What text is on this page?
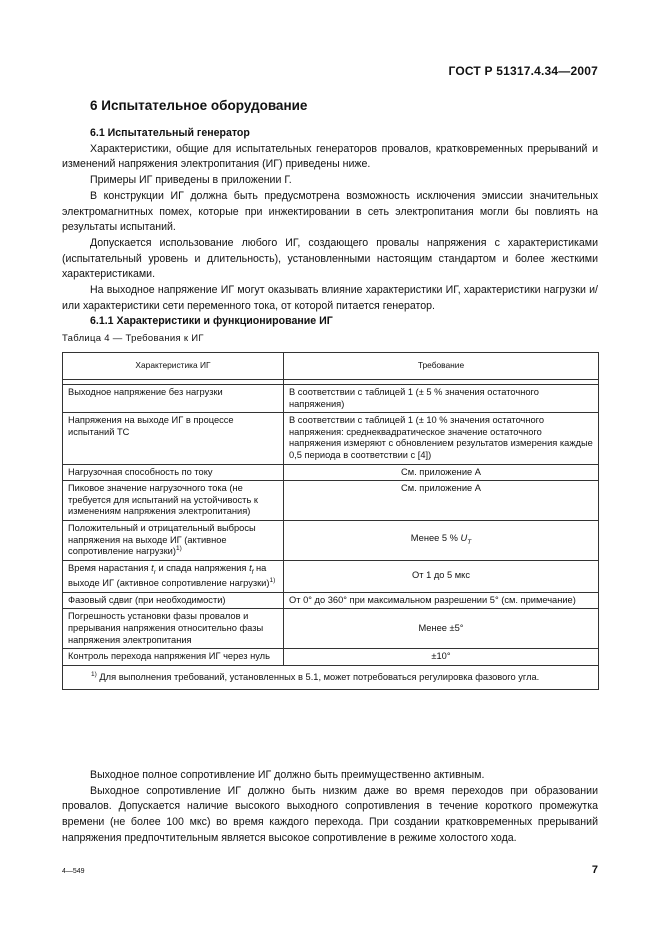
ГОСТ Р 51317.4.34—2007
6 Испытательное оборудование

6.1 Испытательный генератор

Характеристики, общие для испытательных генераторов провалов, кратковременных прерываний и изменений напряжения электропитания (ИГ) приведены ниже.

Примеры ИГ приведены в приложении Г.

В конструкции ИГ должна быть предусмотрена возможность исключения эмиссии значительных электромагнитных помех, которые при инжектировании в сеть электропитания могли бы повлиять на результаты испытаний.

Допускается использование любого ИГ, создающего провалы напряжения с характеристиками (испытательный уровень и длительность), установленными настоящим стандартом и более жесткими характеристиками.

На выходное напряжение ИГ могут оказывать влияние характеристики ИГ, характеристики нагрузки и/или характеристики сети переменного тока, от которой питается генератор.

6.1.1 Характеристики и функционирование ИГ

Таблица 4 — Требования к ИГ
Характеристика ИГ	Требование

Выходное напряжение без нагрузки	В соответствии с таблицей 1 (± 5 % значения остаточного напряжения)
Напряжения на выходе ИГ в процессе испытаний ТС	В соответствии с таблицей 1 (± 10 % значения остаточного напряжения: среднеквадратическое значение остаточного напряжения измеряют с обновлением результатов измерения каждые 0,5 периода в соответствии с [4])
Нагрузочная способность по току	См. приложение А
Пиковое значение нагрузочного тока (не требуется для испытаний на устойчивость к изменениям напряжения электропитания)	См. приложение А
Положительный и отрицательный выбросы напряжения на выходе ИГ (активное сопротивление нагрузки)$^{1)}$	Менее 5 % $U_T$
Время нарастания $t_r$ и спада напряжения $t_f$ на выходе ИГ (активное сопротивление нагрузки)$^{1)}$	От 1 до 5 мкс
Фазовый сдвиг (при необходимости)	От 0° до 360° при максимальном разрешении 5° (см. примечание)
Погрешность установки фазы провалов и прерывания напряжения относительно фазы напряжения электропитания	Менее ±5°
Контроль перехода напряжения ИГ через нуль	±10°
$^{1)}$ Для выполнения требований, установленных в 5.1, может потребоваться регулировка фазового угла.	

Выходное полное сопротивление ИГ должно быть преимущественно активным.

Выходное сопротивление ИГ должно быть низким даже во время переходов при образовании провалов. Допускается наличие высокого выходного сопротивления в течение короткого промежутка времени (не более 100 мкс) во время каждого перехода. При создании кратковременных прерываний напряжения предпочтительным является высокое сопротивление в режиме холостого хода.

4—549	7
